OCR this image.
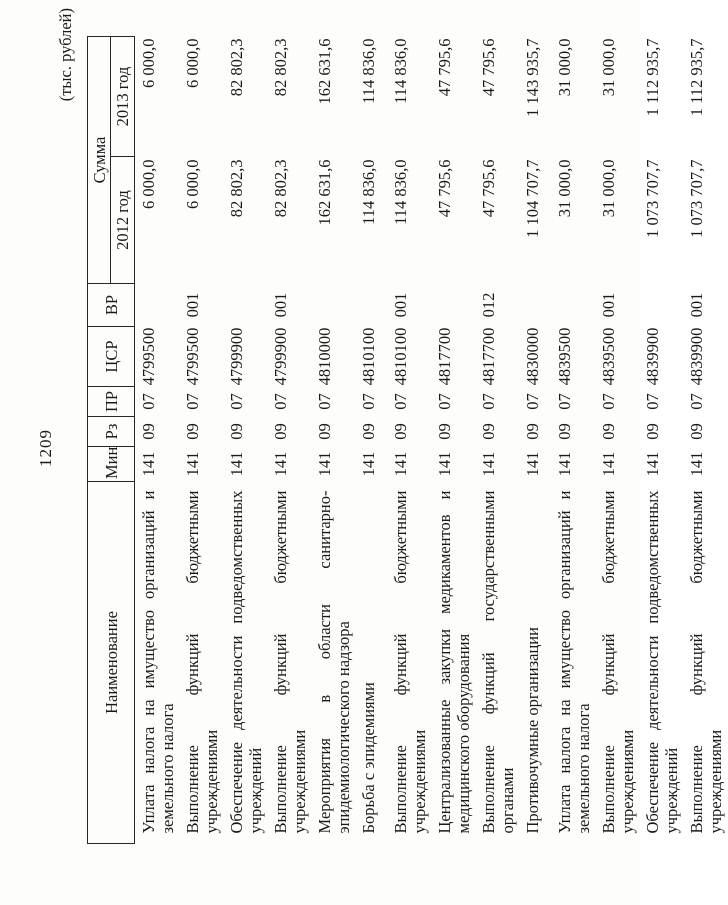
1209
(тыс. рублей)
Наименование	Мин	Рз	ПР	ЦСР	ВР	Сумма	
						2012 год	2013 год
Уплата налога на имущество организаций и земельного налога	141	09	07	4799500		6 000,0	6 000,0
Выполнение функций бюджетными учреждениями	141	09	07	4799500	001	6 000,0	6 000,0
Обеспечение деятельности подведомственных учреждений	141	09	07	4799900		82 802,3	82 802,3
Выполнение функций бюджетными учреждениями	141	09	07	4799900	001	82 802,3	82 802,3
Мероприятия в области санитарно-эпидемиологического надзора	141	09	07	4810000		162 631,6	162 631,6
Борьба с эпидемиями	141	09	07	4810100		114 836,0	114 836,0
Выполнение функций бюджетными учреждениями	141	09	07	4810100	001	114 836,0	114 836,0
Централизованные закупки медикаментов и медицинского оборудования	141	09	07	4817700		47 795,6	47 795,6
Выполнение функций государственными органами	141	09	07	4817700	012	47 795,6	47 795,6
Противочумные организации	141	09	07	4830000		1 104 707,7	1 143 935,7
Уплата налога на имущество организаций и земельного налога	141	09	07	4839500		31 000,0	31 000,0
Выполнение функций бюджетными учреждениями	141	09	07	4839500	001	31 000,0	31 000,0
Обеспечение деятельности подведомственных учреждений	141	09	07	4839900		1 073 707,7	1 112 935,7
Выполнение функций бюджетными учреждениями	141	09	07	4839900	001	1 073 707,7	1 112 935,7
